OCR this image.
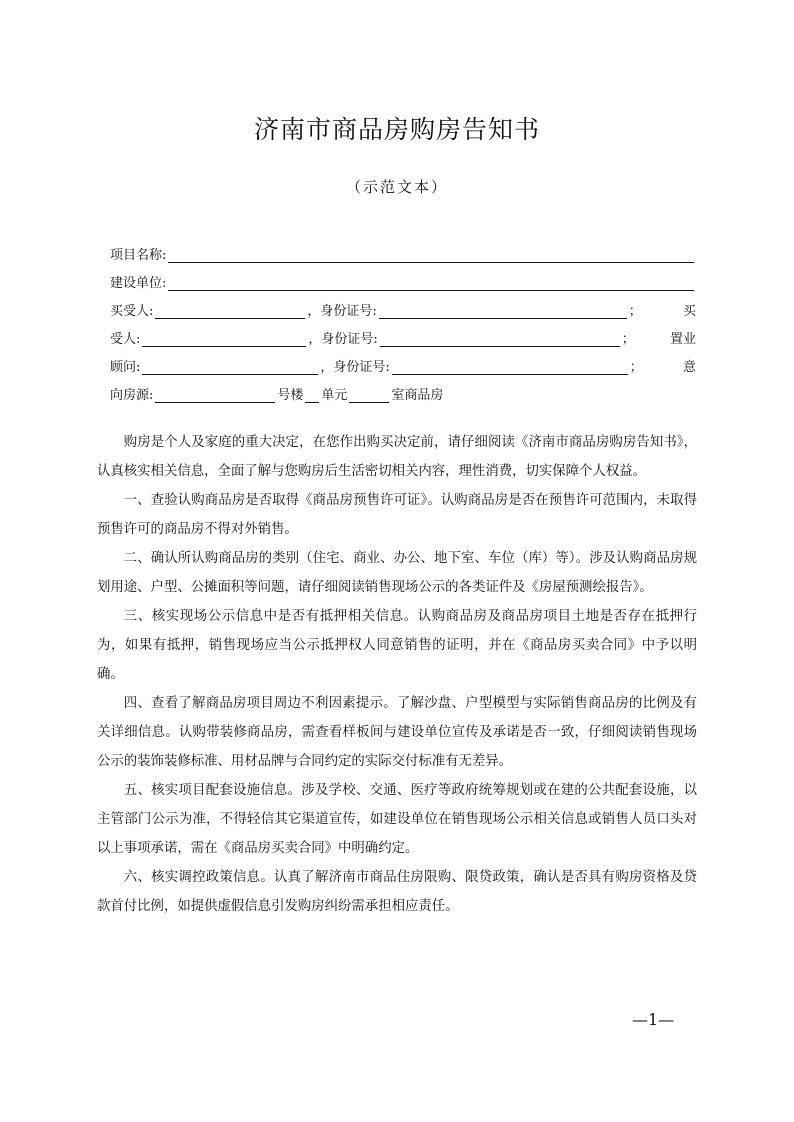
济南市商品房购房告知书
（示范文本）
项目名称:
建设单位:
买受人:	， 身份证号:	；	买
受人:	， 身份证号:	；	置业
顾问:	， 身份证号:	；	意
向房源:	号楼 单元	室商品房

购房是个人及家庭的重大决定，在您作出购买决定前，请仔细阅读《济南市商品房购房告知书》，认真核实相关信息，全面了解与您购房后生活密切相关内容，理性消费，切实保障个人权益。

一、查验认购商品房是否取得《商品房预售许可证》。认购商品房是否在预售许可范围内，未取得预售许可的商品房不得对外销售。

二、确认所认购商品房的类别（住宅、商业、办公、地下室、车位（库）等）。涉及认购商品房规划用途、户型、公摊面积等问题，请仔细阅读销售现场公示的各类证件及《房屋预测绘报告》。

三、核实现场公示信息中是否有抵押相关信息。认购商品房及商品房项目土地是否存在抵押行为，如果有抵押，销售现场应当公示抵押权人同意销售的证明，并在《商品房买卖合同》中予以明确。

四、查看了解商品房项目周边不利因素提示。了解沙盘、户型模型与实际销售商品房的比例及有关详细信息。认购带装修商品房，需查看样板间与建设单位宣传及承诺是否一致，仔细阅读销售现场公示的装饰装修标准、用材品牌与合同约定的实际交付标准有无差异。

五、核实项目配套设施信息。涉及学校、交通、医疗等政府统筹规划或在建的公共配套设施，以主管部门公示为准，不得轻信其它渠道宣传，如建设单位在销售现场公示相关信息或销售人员口头对以上事项承诺，需在《商品房买卖合同》中明确约定。

六、核实调控政策信息。认真了解济南市商品住房限购、限贷政策，确认是否具有购房资格及贷款首付比例，如提供虚假信息引发购房纠纷需承担相应责任。

—1—
